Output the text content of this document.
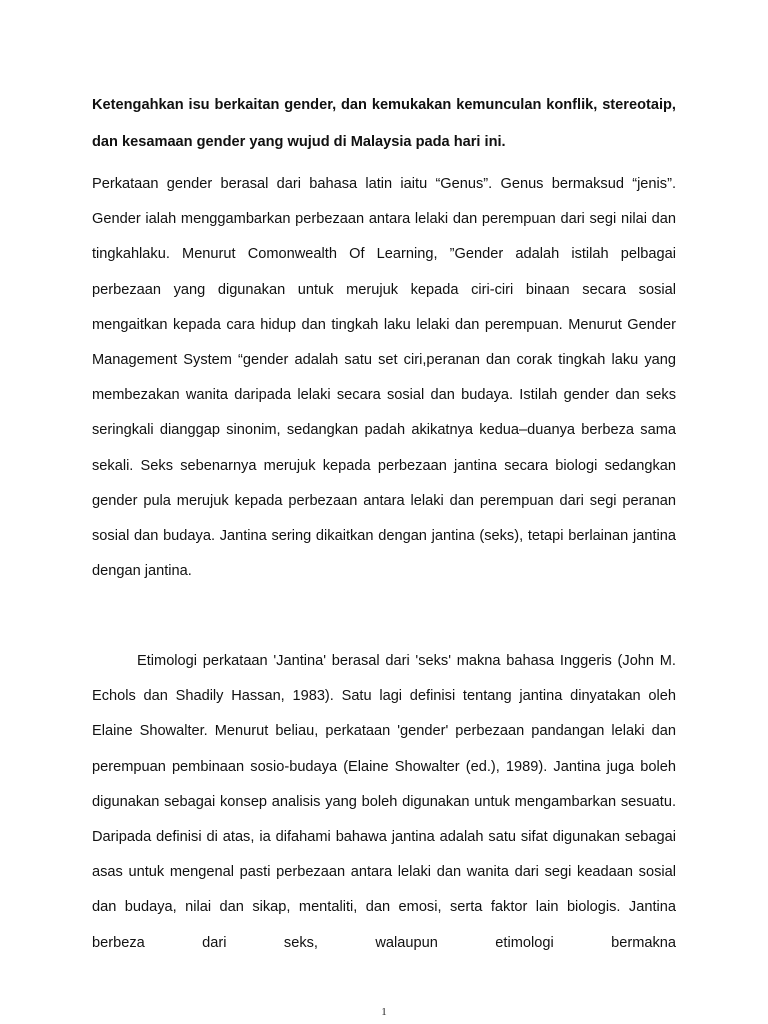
Ketengahkan isu berkaitan gender, dan kemukakan kemunculan konflik, stereotaip, dan kesamaan gender yang wujud di Malaysia pada hari ini.

Perkataan gender berasal dari bahasa latin iaitu “Genus”. Genus bermaksud “jenis”. Gender ialah menggambarkan perbezaan antara lelaki dan perempuan dari segi nilai dan tingkahlaku. Menurut Comonwealth Of Learning, ”Gender adalah istilah pelbagai perbezaan yang digunakan untuk merujuk kepada ciri-ciri binaan secara sosial mengaitkan kepada cara hidup dan tingkah laku lelaki dan perempuan. Menurut Gender Management System “gender adalah satu set ciri,peranan dan corak tingkah laku yang membezakan wanita daripada lelaki secara sosial dan budaya. Istilah gender dan seks seringkali dianggap sinonim, sedangkan padah akikatnya kedua–duanya berbeza sama sekali. Seks sebenarnya merujuk kepada perbezaan jantina secara biologi sedangkan gender pula merujuk kepada perbezaan antara lelaki dan perempuan dari segi peranan sosial dan budaya. Jantina sering dikaitkan dengan jantina (seks), tetapi berlainan jantina dengan jantina.

Etimologi perkataan 'Jantina' berasal dari 'seks' makna bahasa Inggeris (John M. Echols dan Shadily Hassan, 1983). Satu lagi definisi tentang jantina dinyatakan oleh Elaine Showalter. Menurut beliau, perkataan 'gender' perbezaan pandangan lelaki dan perempuan pembinaan sosio-budaya (Elaine Showalter (ed.), 1989). Jantina juga boleh digunakan sebagai konsep analisis yang boleh digunakan untuk mengambarkan sesuatu. Daripada definisi di atas, ia difahami bahawa jantina adalah satu sifat digunakan sebagai asas untuk mengenal pasti perbezaan antara lelaki dan wanita dari segi keadaan sosial dan budaya, nilai dan sikap, mentaliti, dan emosi, serta faktor lain biologis. Jantina berbeza dari seks, walaupun etimologi bermakna

1
